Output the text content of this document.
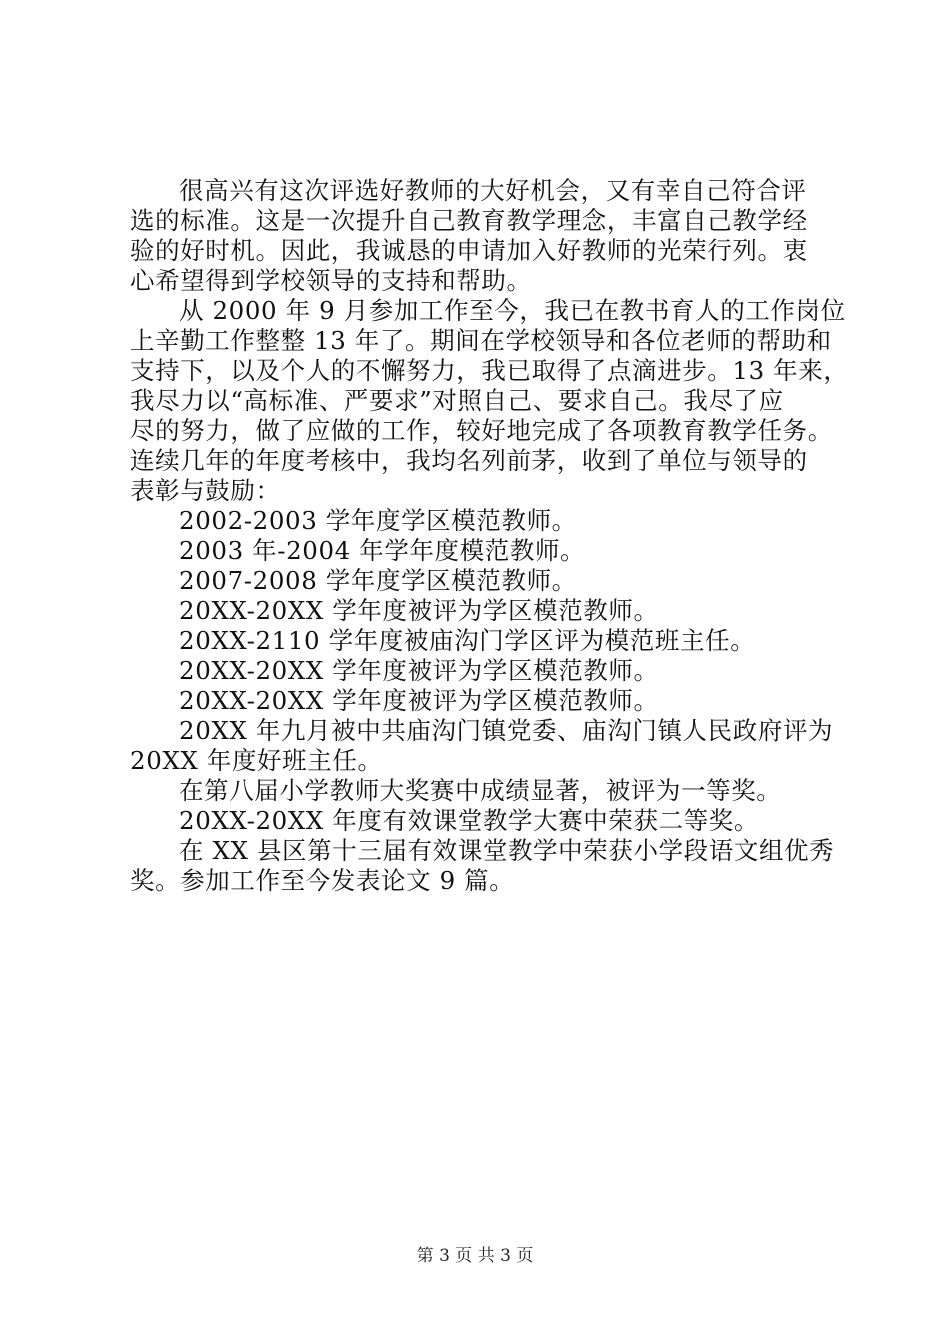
很高兴有这次评选好教师的大好机会，又有幸自己符合评
选的标准。这是一次提升自己教育教学理念，丰富自己教学经
验的好时机。因此，我诚恳的申请加入好教师的光荣行列。衷
心希望得到学校领导的支持和帮助。
从 2000 年 9 月参加工作至今，我已在教书育人的工作岗位
上辛勤工作整整 13 年了。期间在学校领导和各位老师的帮助和
支持下，以及个人的不懈努力，我已取得了点滴进步。13 年来，
我尽力以“高标准、严要求”对照自己、要求自己。我尽了应
尽的努力，做了应做的工作，较好地完成了各项教育教学任务。
连续几年的年度考核中，我均名列前茅，收到了单位与领导的
表彰与鼓励：
2002-2003 学年度学区模范教师。
2003 年-2004 年学年度模范教师。
2007-2008 学年度学区模范教师。
20XX-20XX 学年度被评为学区模范教师。
20XX-2110 学年度被庙沟门学区评为模范班主任。
20XX-20XX 学年度被评为学区模范教师。
20XX-20XX 学年度被评为学区模范教师。
20XX 年九月被中共庙沟门镇党委、庙沟门镇人民政府评为
20XX 年度好班主任。
在第八届小学教师大奖赛中成绩显著，被评为一等奖。
20XX-20XX 年度有效课堂教学大赛中荣获二等奖。
在 XX 县区第十三届有效课堂教学中荣获小学段语文组优秀
奖。参加工作至今发表论文 9 篇。
第 3 页 共 3 页
